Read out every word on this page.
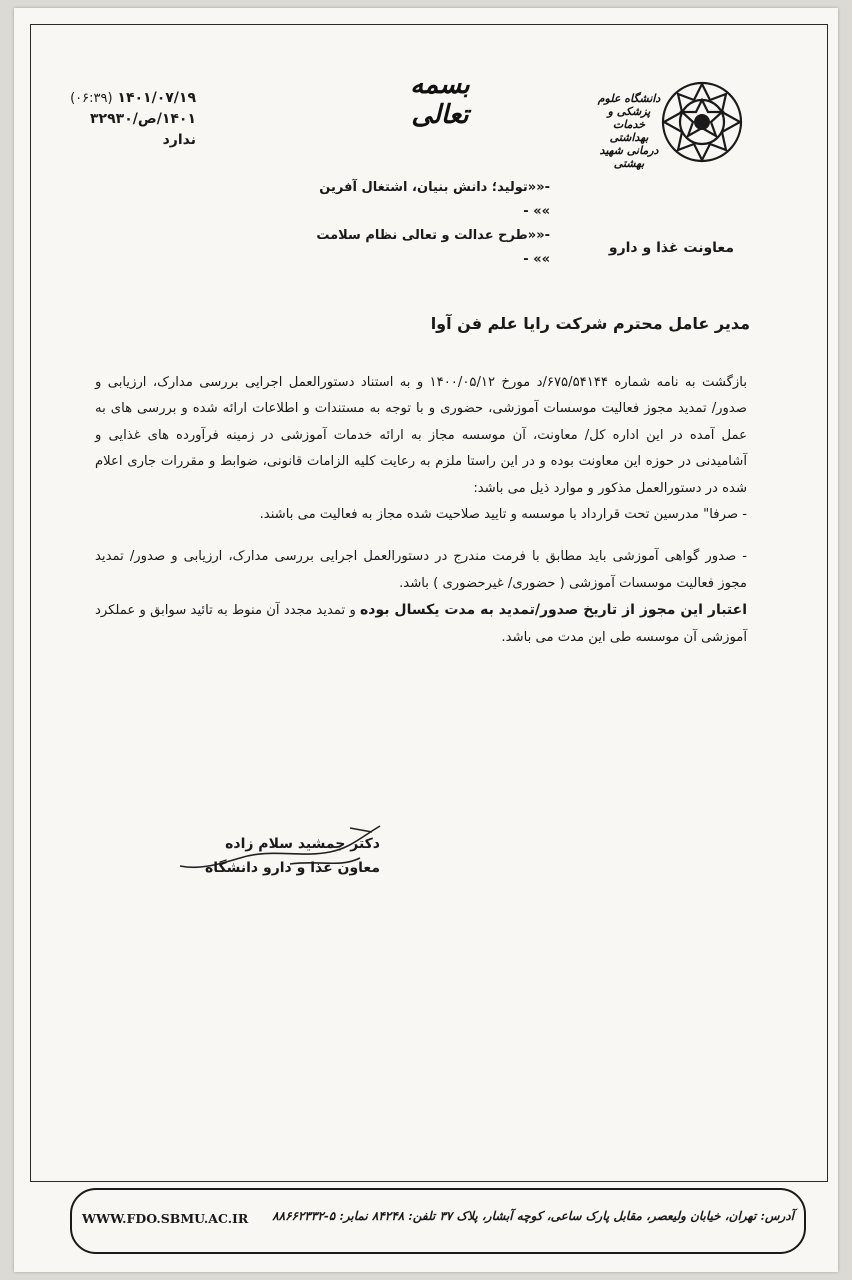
۱۴۰۱/۰۷/۱۹ (۰۶:۳۹)
۱۴۰۱/ص/۳۲۹۳۰
ندارد
بسمه تعالی
-««تولید؛ دانش بنیان، اشتغال آفرین »» -
-««طرح عدالت و تعالی نظام سلامت »» -
دانشگاه علوم پزشکی و خدمات بهداشتی درمانی شهید بهشتی
معاونت غذا و دارو
مدیر عامل محترم شرکت رایا علم فن آوا

بازگشت به نامه شماره ۶۷۵/۵۴۱۴۴/د مورخ ۱۴۰۰/۰۵/۱۲ و به استناد دستورالعمل اجرایی بررسی مدارک، ارزیابی و صدور/ تمدید مجوز فعالیت موسسات آموزشی، حضوری و با توجه به مستندات و اطلاعات ارائه شده و بررسی های به عمل آمده در این اداره کل/ معاونت، آن موسسه مجاز به ارائه خدمات آموزشی در زمینه فرآورده های غذایی و آشامیدنی در حوزه این معاونت بوده و در این راستا ملزم به رعایت کلیه الزامات قانونی، ضوابط و مقررات جاری اعلام شده در دستورالعمل مذکور و موارد ذیل می باشد:

- صرفا" مدرسین تحت قرارداد با موسسه و تایید صلاحیت شده مجاز به فعالیت می باشند.

- صدور گواهی آموزشی باید مطابق با فرمت مندرج در دستورالعمل اجرایی بررسی مدارک، ارزیابی و صدور/ تمدید مجوز فعالیت موسسات آموزشی ( حضوری/ غیرحضوری ) باشد.

اعتبار این مجوز از تاریخ صدور/تمدید به مدت یکسال بوده و تمدید مجدد آن منوط به تائید سوابق و عملکرد آموزشی آن موسسه طی این مدت می باشد.

دکتر جمشید سلام زاده
معاون غذا و دارو دانشگاه
آدرس: تهران، خیابان ولیعصر، مقابل پارک ساعی، کوچه آبشار، پلاک ۳۷ تلفن: ۸۴۲۴۸ نمابر: ۵-۸۸۶۶۲۳۳۲
WWW.FDO.SBMU.AC.IR
